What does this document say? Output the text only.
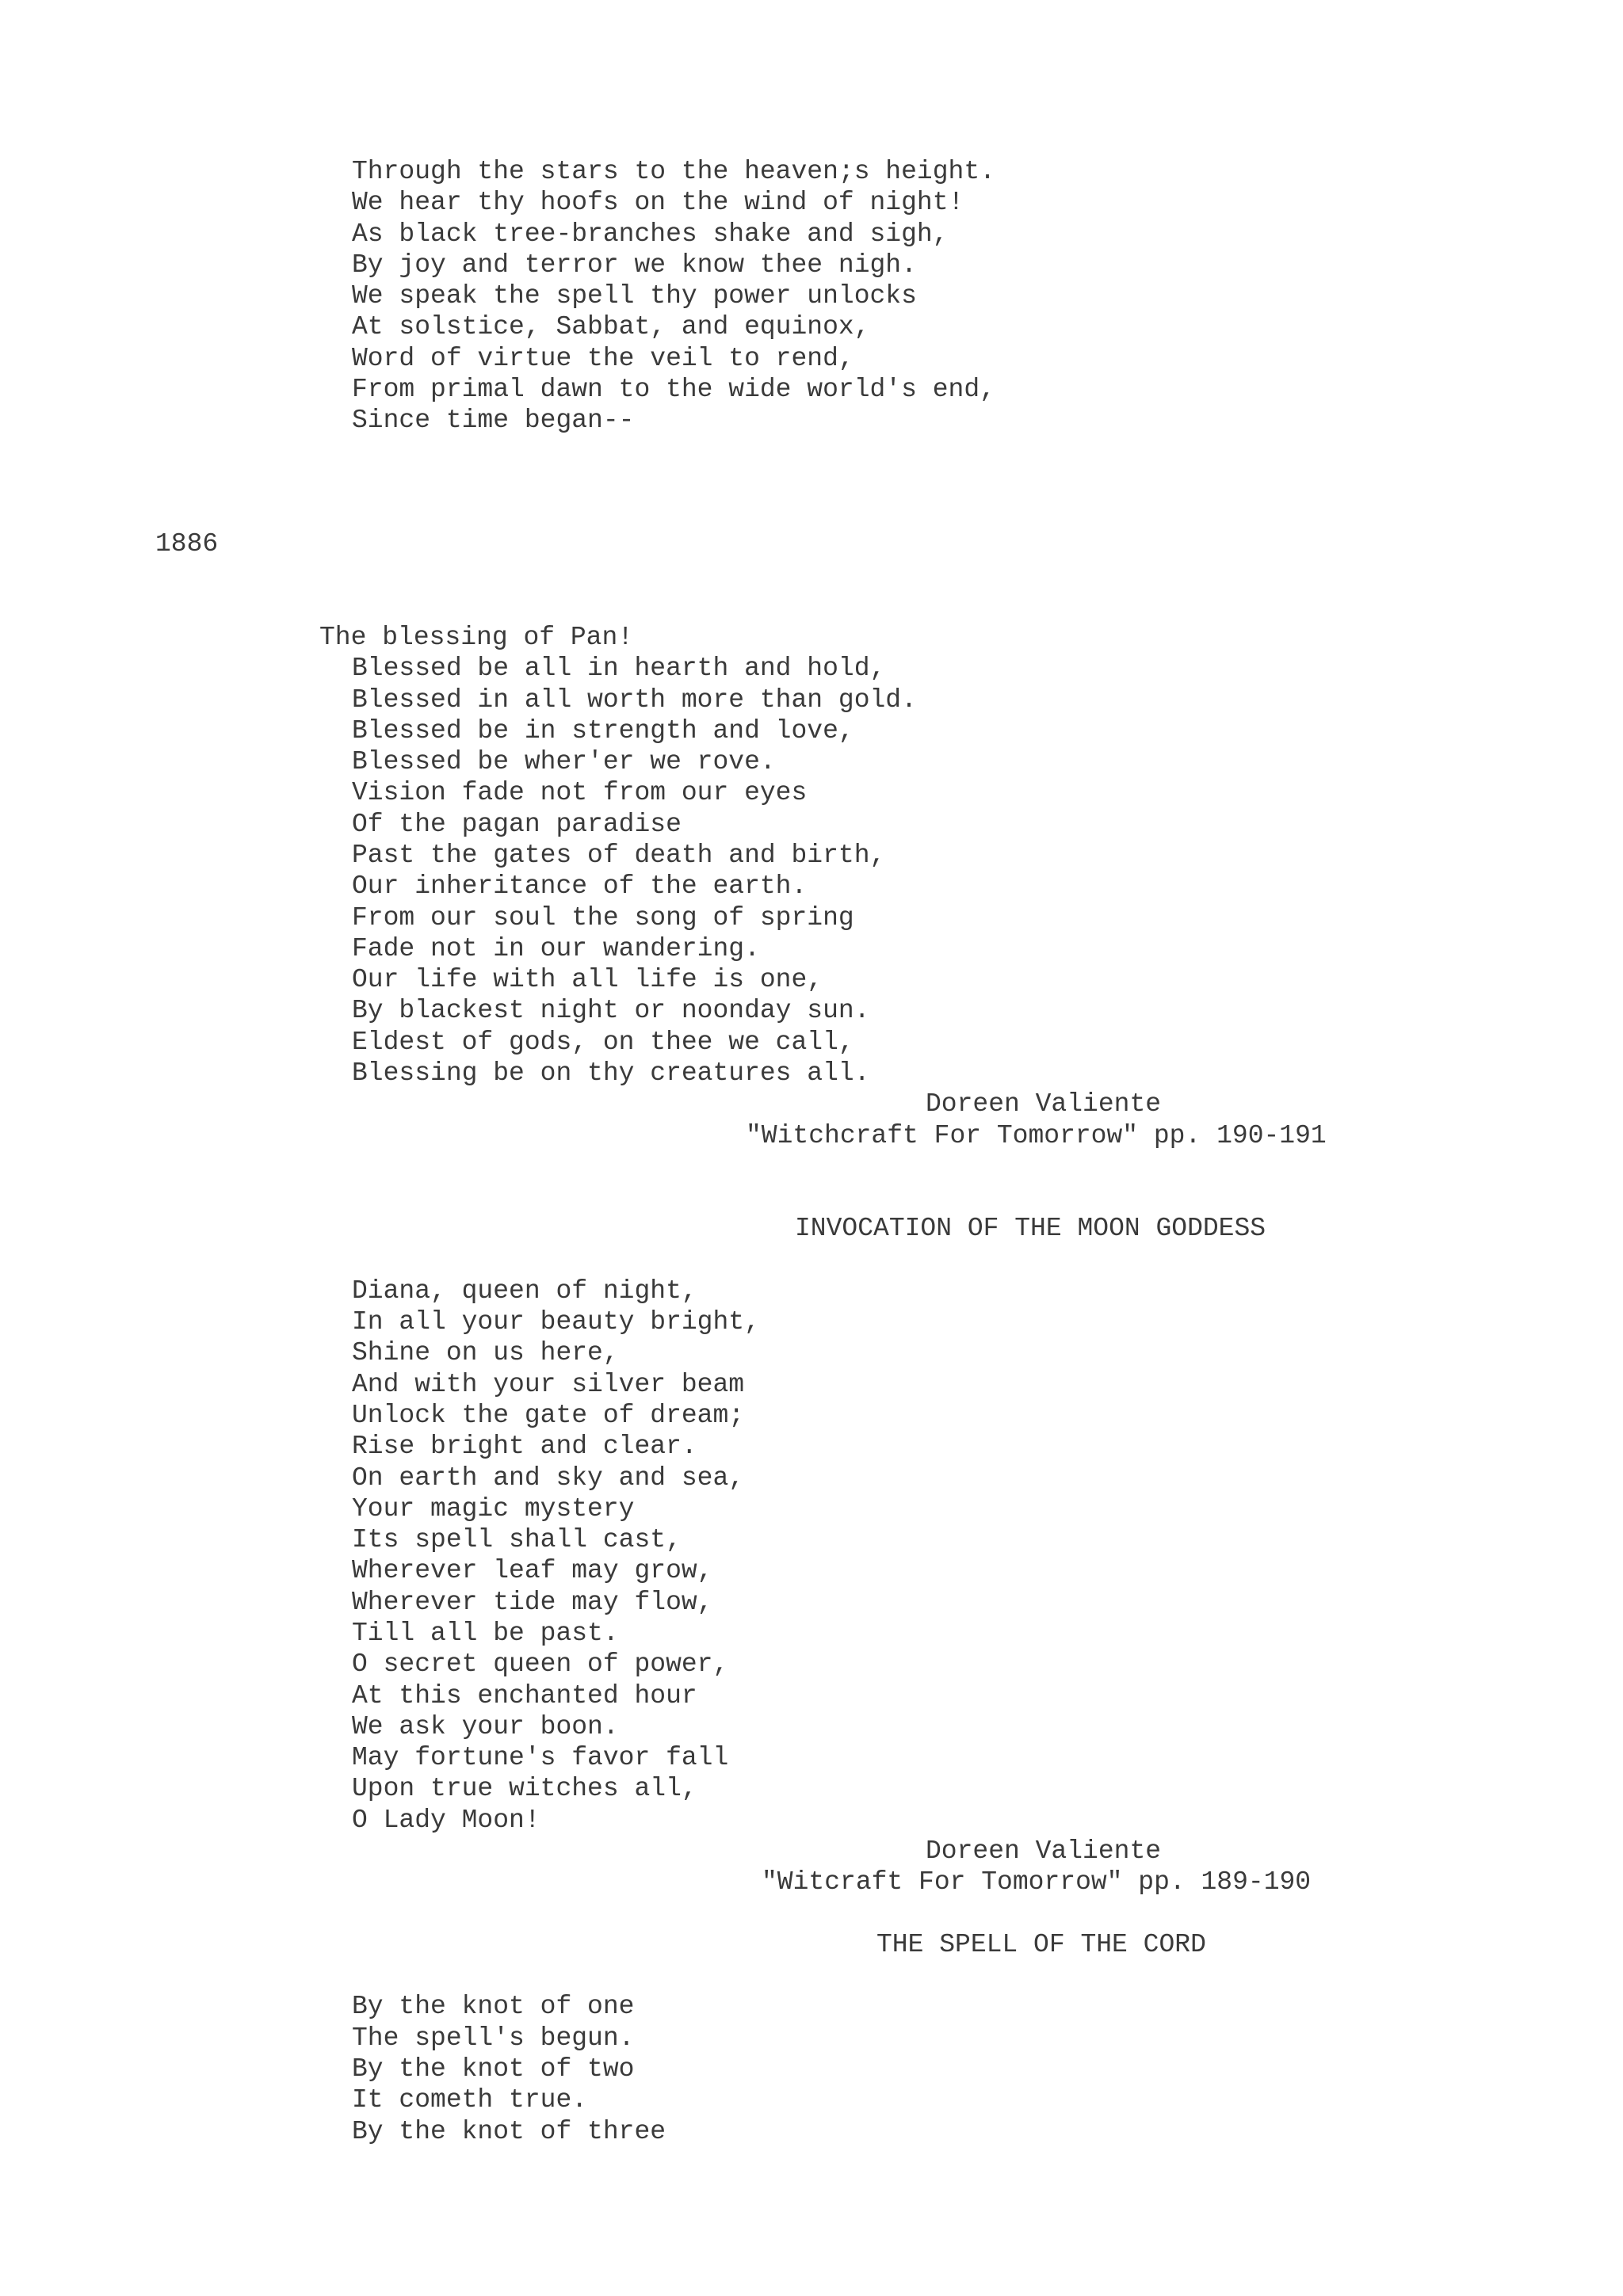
Through the stars to the heaven;s height.
We hear thy hoofs on the wind of night!
As black tree-branches shake and sigh,
By joy and terror we know thee nigh.
We speak the spell thy power unlocks
At solstice, Sabbat, and equinox,
Word of virtue the veil to rend,
From primal dawn to the wide world's end,
Since time began--
1886
The blessing of Pan!
Blessed be all in hearth and hold,
Blessed in all worth more than gold.
Blessed be in strength and love,
Blessed be wher'er we rove.
Vision fade not from our eyes
Of the pagan paradise
Past the gates of death and birth,
Our inheritance of the earth.
From our soul the song of spring
Fade not in our wandering.
Our life with all life is one,
By blackest night or noonday sun.
Eldest of gods, on thee we call,
Blessing be on thy creatures all.
Doreen Valiente
"Witchcraft For Tomorrow" pp. 190-191
INVOCATION OF THE MOON GODDESS
Diana, queen of night,
In all your beauty bright,
Shine on us here,
And with your silver beam
Unlock the gate of dream;
Rise bright and clear.
On earth and sky and sea,
Your magic mystery
Its spell shall cast,
Wherever leaf may grow,
Wherever tide may flow,
Till all be past.
O secret queen of power,
At this enchanted hour
We ask your boon.
May fortune's favor fall
Upon true witches all,
O Lady Moon!
Doreen Valiente
"Witcraft For Tomorrow" pp. 189-190
THE SPELL OF THE CORD
By the knot of one
The spell's begun.
By the knot of two
It cometh true.
By the knot of three
